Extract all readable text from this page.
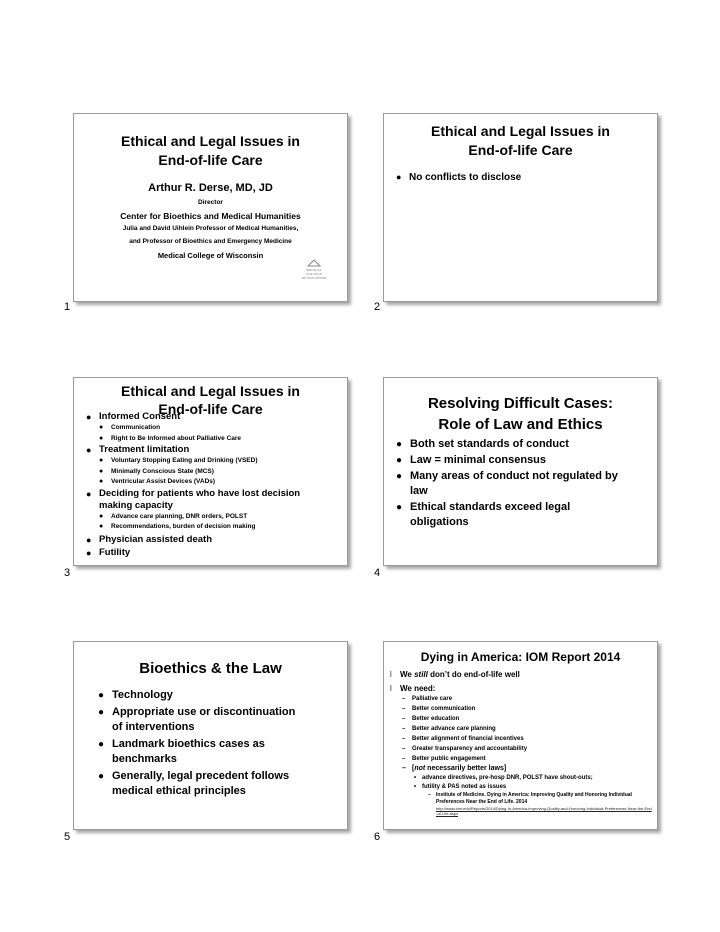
Ethical and Legal Issues in
End-of-life Care
Arthur R. Derse, MD, JD
Director
Center for Bioethics and Medical Humanities
Julia and David Uihlein Professor of Medical Humanities,
and Professor of Bioethics and Emergency Medicine
Medical College of Wisconsin
MEDICAL
COLLEGE
OF WISCONSIN
1
Ethical and Legal Issues in
End-of-life Care
● No conflicts to disclose
2
Ethical and Legal Issues in
End-of-life Care
● Informed Consent
● Communication
● Right to Be Informed about Palliative Care
● Treatment limitation
● Voluntary Stopping Eating and Drinking (VSED)
● Minimally Conscious State (MCS)
● Ventricular Assist Devices (VADs)
● Deciding for patients who have lost decision making capacity
● Advance care planning, DNR orders, POLST
● Recommendations, burden of decision making
● Physician assisted death
● Futility
3
Resolving Difficult Cases:
Role of Law and Ethics
● Both set standards of conduct
● Law = minimal consensus
● Many areas of conduct not regulated by law
● Ethical standards exceed legal obligations
4
Bioethics & the Law
● Technology
● Appropriate use or discontinuation of interventions
● Landmark bioethics cases as benchmarks
● Generally, legal precedent follows medical ethical principles
5
Dying in America: IOM Report 2014
l We still don’t do end-of-life well
l We need:
– Palliative care
– Better communication
– Better education
– Better advance care planning
– Better alignment of financial incentives
– Greater transparency and accountability
– Better public engagement
– [not necessarily better laws]
• advance directives, pre-hosp DNR, POLST have shout-outs;
• futility & PAS noted as issues
– Institute of Medicine. Dying in America: Improving Quality and Honoring Individual Preferences Near the End of Life. 2014
http://www.iom.edu/Reports/2014/Dying-In-America-Improving-Quality-and-Honoring-Individual-Preferences-Near-the-End-of-Life.aspx
6
